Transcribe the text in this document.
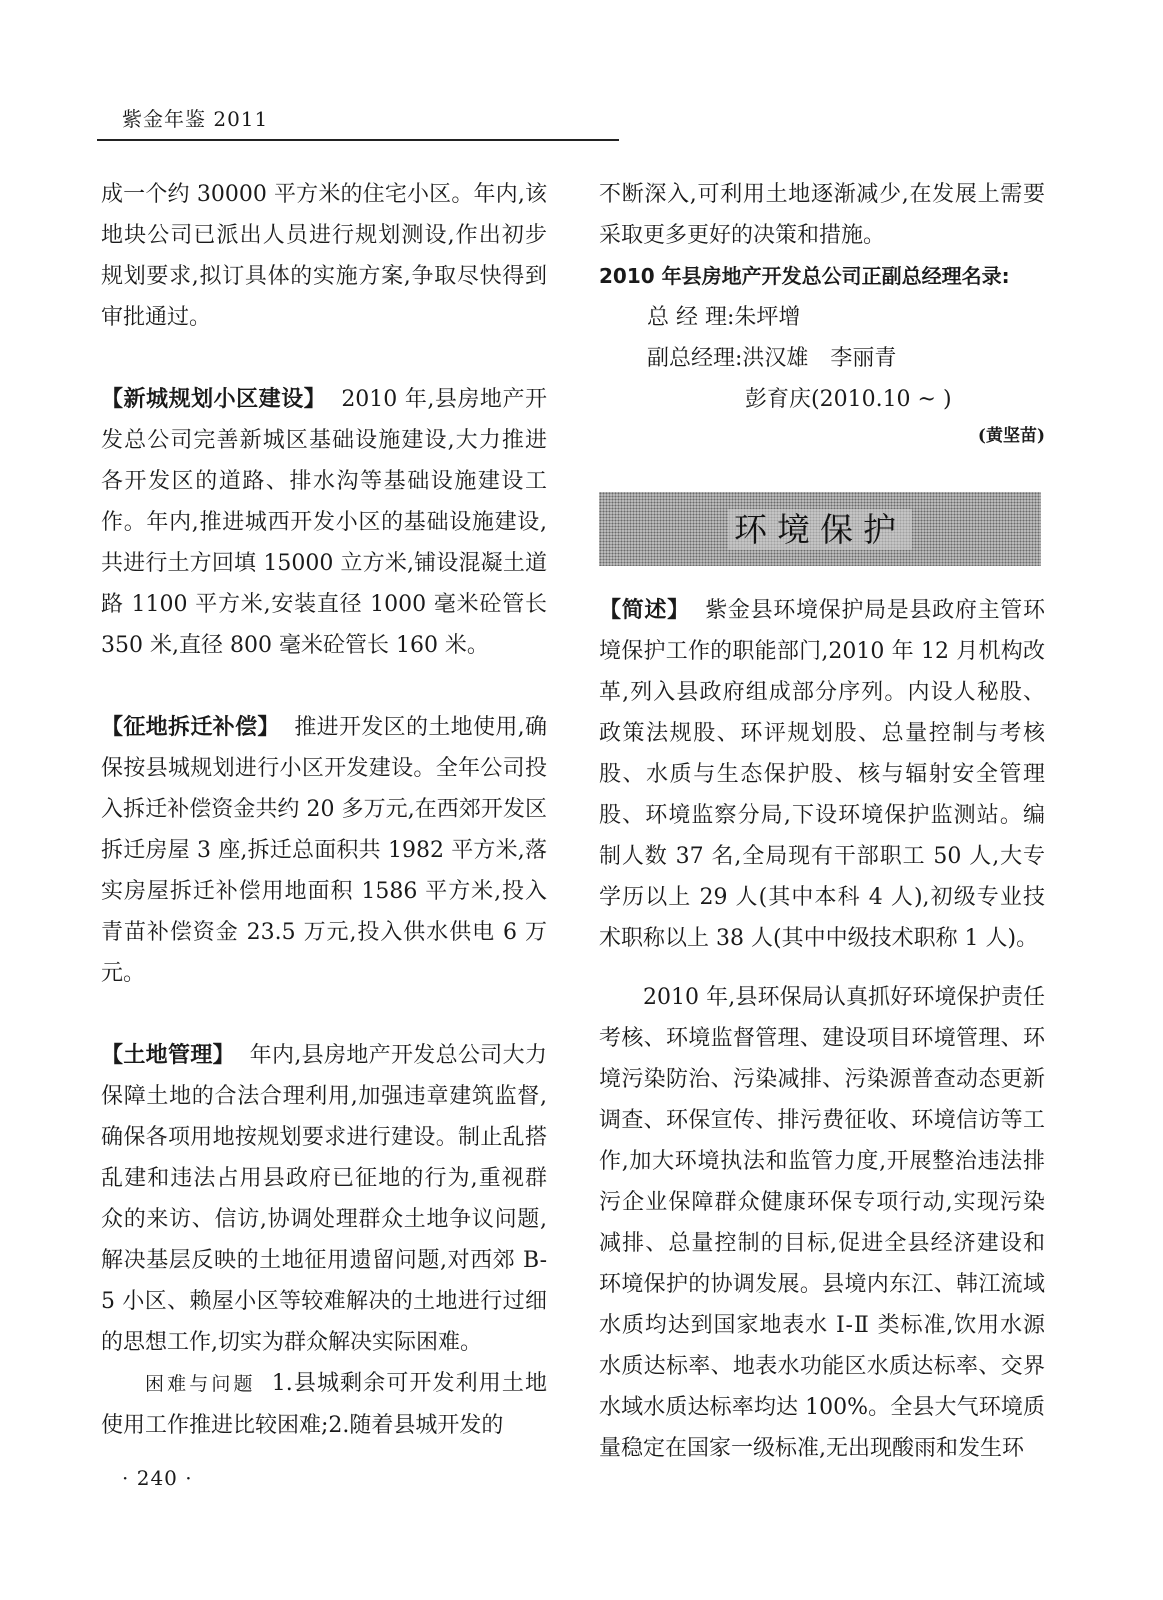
紫金年鉴 2011

成一个约 30000 平方米的住宅小区。年内,该地块公司已派出人员进行规划测设,作出初步规划要求,拟订具体的实施方案,争取尽快得到审批通过。

【新城规划小区建设】 2010 年,县房地产开发总公司完善新城区基础设施建设,大力推进各开发区的道路、排水沟等基础设施建设工作。年内,推进城西开发小区的基础设施建设,共进行土方回填 15000 立方米,铺设混凝土道路 1100 平方米,安装直径 1000 毫米砼管长 350 米,直径 800 毫米砼管长 160 米。

【征地拆迁补偿】 推进开发区的土地使用,确保按县城规划进行小区开发建设。全年公司投入拆迁补偿资金共约 20 多万元,在西郊开发区拆迁房屋 3 座,拆迁总面积共 1982 平方米,落实房屋拆迁补偿用地面积 1586 平方米,投入青苗补偿资金 23.5 万元,投入供水供电 6 万元。

【土地管理】 年内,县房地产开发总公司大力保障土地的合法合理利用,加强违章建筑监督,确保各项用地按规划要求进行建设。制止乱搭乱建和违法占用县政府已征地的行为,重视群众的来访、信访,协调处理群众土地争议问题,解决基层反映的土地征用遗留问题,对西郊 B-5 小区、赖屋小区等较难解决的土地进行过细的思想工作,切实为群众解决实际困难。

困难与问题 1.县城剩余可开发利用土地使用工作推进比较困难;2.随着县城开发的

不断深入,可利用土地逐渐减少,在发展上需要采取更多更好的决策和措施。

2010 年县房地产开发总公司正副总经理名录:

总 经 理:朱坪增

副总经理:洪汉雄　李丽青

彭育庆(2010.10 ~ )

(黄坚苗)

环境保护

【简述】 紫金县环境保护局是县政府主管环境保护工作的职能部门,2010 年 12 月机构改革,列入县政府组成部分序列。内设人秘股、政策法规股、环评规划股、总量控制与考核股、水质与生态保护股、核与辐射安全管理股、环境监察分局,下设环境保护监测站。编制人数 37 名,全局现有干部职工 50 人,大专学历以上 29 人(其中本科 4 人),初级专业技术职称以上 38 人(其中中级技术职称 1 人)。

2010 年,县环保局认真抓好环境保护责任考核、环境监督管理、建设项目环境管理、环境污染防治、污染减排、污染源普查动态更新调查、环保宣传、排污费征收、环境信访等工作,加大环境执法和监管力度,开展整治违法排污企业保障群众健康环保专项行动,实现污染减排、总量控制的目标,促进全县经济建设和环境保护的协调发展。县境内东江、韩江流域水质均达到国家地表水 Ⅰ-Ⅱ 类标准,饮用水源水质达标率、地表水功能区水质达标率、交界水域水质达标率均达 100%。全县大气环境质量稳定在国家一级标准,无出现酸雨和发生环

· 240 ·
